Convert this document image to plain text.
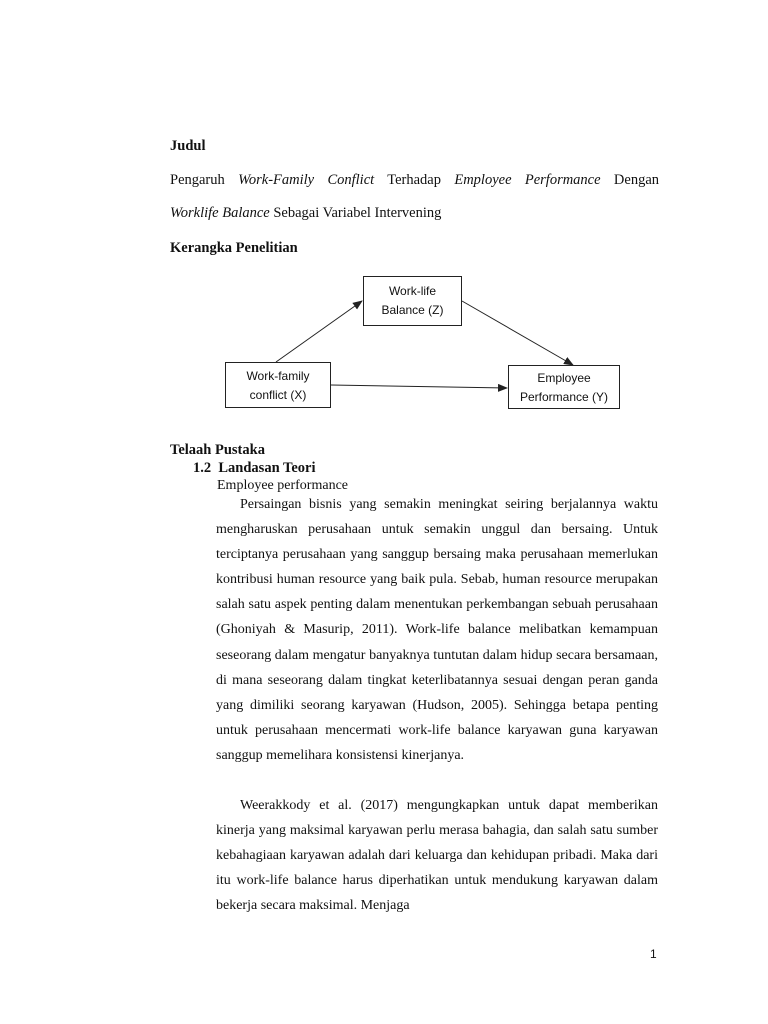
Judul
Pengaruh Work-Family Conflict Terhadap Employee Performance Dengan
Worklife Balance Sebagai Variabel Intervening
Kerangka Penelitian
Work-life
Balance (Z)
Work-family
conflict (X)
Employee
Performance (Y)
Telaah Pustaka
1.2 Landasan Teori
Employee performance

Persaingan bisnis yang semakin meningkat seiring berjalannya waktu mengharuskan perusahaan untuk semakin unggul dan bersaing. Untuk terciptanya perusahaan yang sanggup bersaing maka perusahaan memerlukan kontribusi human resource yang baik pula. Sebab, human resource merupakan salah satu aspek penting dalam menentukan perkembangan sebuah perusahaan (Ghoniyah & Masurip, 2011). Work-life balance melibatkan kemampuan seseorang dalam mengatur banyaknya tuntutan dalam hidup secara bersamaan, di mana seseorang dalam tingkat keterlibatannya sesuai dengan peran ganda yang dimiliki seorang karyawan (Hudson, 2005). Sehingga betapa penting untuk perusahaan mencermati work-life balance karyawan guna karyawan sanggup memelihara konsistensi kinerjanya.

Weerakkody et al. (2017) mengungkapkan untuk dapat memberikan kinerja yang maksimal karyawan perlu merasa bahagia, dan salah satu sumber kebahagiaan karyawan adalah dari keluarga dan kehidupan pribadi. Maka dari itu work-life balance harus diperhatikan untuk mendukung karyawan dalam bekerja secara maksimal. Menjaga

1
